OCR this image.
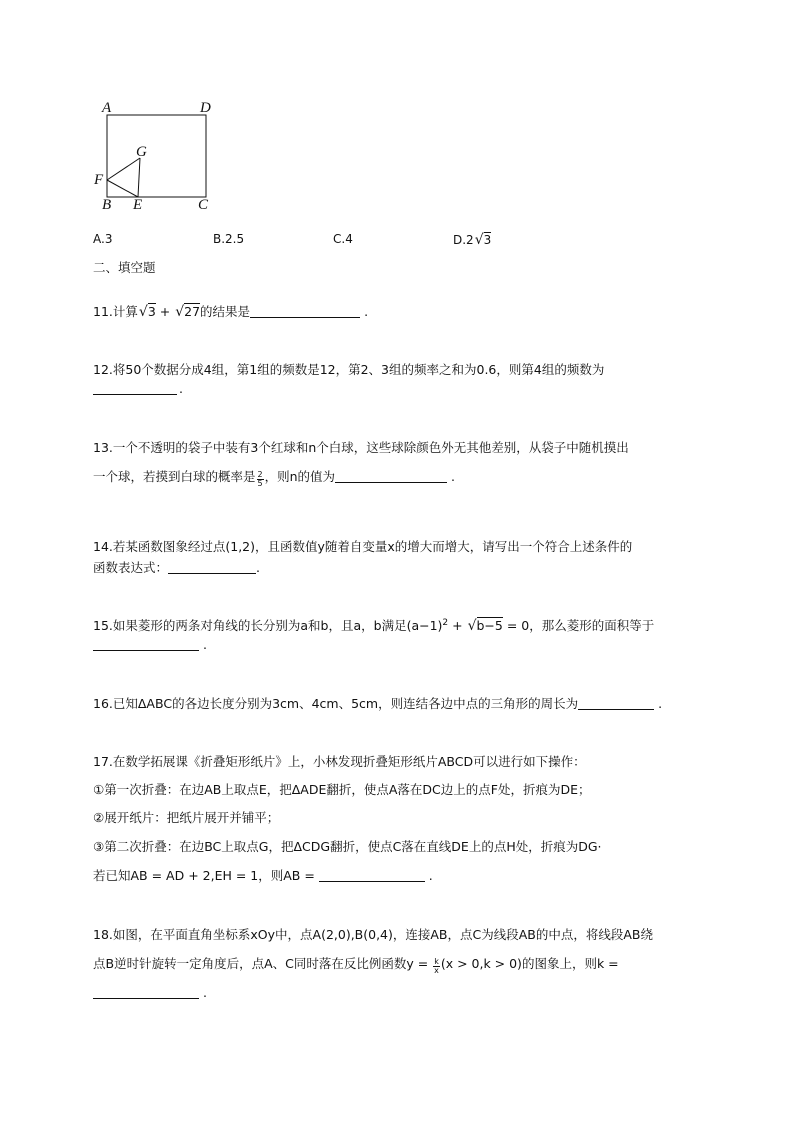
A	D
G
F
B E	C
A.3	B.2.5	C.4	D.2√3
二、填空题
11.计算√3 + √27的结果是	.
12.将50个数据分成4组，第1组的频数是12，第2、3组的频率之和为0.6，则第4组的频数为
.
13.一个不透明的袋子中装有3个红球和n个白球，这些球除颜色外无其他差别，从袋子中随机摸出
一个球，若摸到白球的概率是 $\frac{2}{5}$ ，则n的值为	.
14.若某函数图象经过点(1,2)，且函数值y随着自变量x的增大而增大，请写出一个符合上述条件的
函数表达式：	.
15.如果菱形的两条对角线的长分别为a和b，且a，b满足$(a-1)^2 + √b-5 = 0$，那么菱形的面积等于
.
16.已知ΔABC的各边长度分别为3cm、4cm、5cm，则连结各边中点的三角形的周长为	.
17.在数学拓展课《折叠矩形纸片》上，小林发现折叠矩形纸片ABCD可以进行如下操作：
①第一次折叠：在边AB上取点E，把ΔADE翻折，使点A落在DC边上的点F处，折痕为DE；
②展开纸片：把纸片展开并铺平；
③第二次折叠：在边BC上取点G，把ΔCDG翻折，使点C落在直线DE上的点H处，折痕为DG·
若已知AB = AD + 2,EH = 1，则AB =	.
18.如图，在平面直角坐标系xOy中，点A(2,0),B(0,4)，连接AB，点C为线段AB的中点，将线段AB绕
点B逆时针旋转一定角度后，点A、C同时落在反比例函数$y = \frac{k}{x} (x > 0,k > 0)$的图象上，则k =
.
